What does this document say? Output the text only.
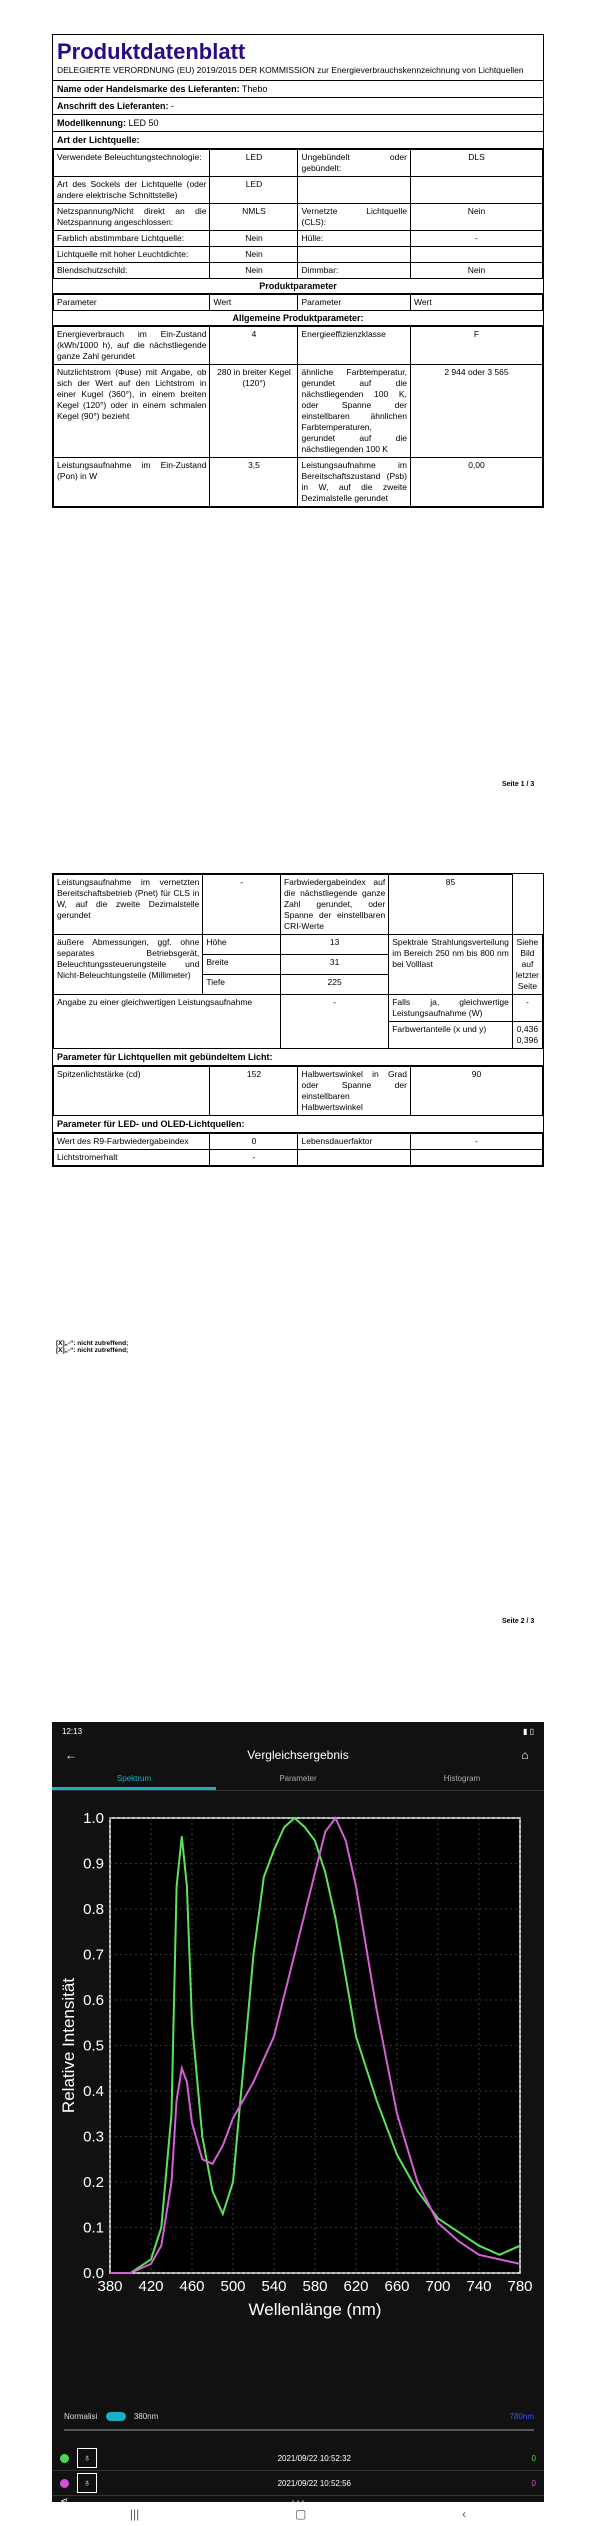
Produktdatenblatt
DELEGIERTE VERORDNUNG (EU) 2019/2015 DER KOMMISSION zur Energieverbrauchskennzeichnung von Lichtquellen
Name oder Handelsmarke des Lieferanten: Thebo
Anschrift des Lieferanten: -
Modellkennung: LED 50
Art der Lichtquelle:
Verwendete Beleuchtungstechnologie:	LED	Ungebündelt oder gebündelt:	DLS
Art des Sockels der Lichtquelle (oder andere elektrische Schnittstelle)	LED		
Netzspannung/Nicht direkt an die Netzspannung angeschlossen:	NMLS	Vernetzte Lichtquelle (CLS):	Nein
Farblich abstimmbare Lichtquelle:	Nein	Hülle:	-
Lichtquelle mit hoher Leuchtdichte:	Nein		
Blendschutzschild:	Nein	Dimmbar:	Nein
Produktparameter
Parameter	Wert	Parameter	Wert
Allgemeine Produktparameter:
Energieverbrauch im Ein-Zustand (kWh/1000 h), auf die nächstliegende ganze Zahl gerundet	4	Energieeffizienzklasse	F
Nutzlichtstrom (Φuse) mit Angabe, ob sich der Wert auf den Lichtstrom in einer Kugel (360°), in einem breiten Kegel (120°) oder in einem schmalen Kegel (90°) bezieht	280 in breiter Kegel (120°)	ähnliche Farbtemperatur, gerundet auf die nächstliegenden 100 K, oder Spanne der einstellbaren ähnlichen Farbtemperaturen, gerundet auf die nächstliegenden 100 K	2 944 oder 3 565
Leistungsaufnahme im Ein-Zustand (Pon) in W	3,5	Leistungsaufnahme im Bereitschaftszustand (Psb) in W, auf die zweite Dezimalstelle gerundet	0,00
Seite 1 / 3
Leistungsaufnahme im vernetzten Bereitschaftsbetrieb (Pnet) für CLS in W, auf die zweite Dezimalstelle gerundet	-	Farbwiedergabeindex auf die nächstliegende ganze Zahl gerundet, oder Spanne der einstellbaren CRI-Werte	85	
äußere Abmessungen, ggf. ohne separates Betriebsgerät, Beleuchtungssteuerungsteile und Nicht-Beleuchtungsteile (Millimeter)	Höhe	13	Spektrale Strahlungsverteilung im Bereich 250 nm bis 800 nm bei Volllast	Siehe Bild auf letzter Seite
	Breite	31		
	Tiefe	225		
Angabe zu einer gleichwertigen Leistungsaufnahme		-	Falls ja, gleichwertige Leistungsaufnahme (W)	-
			Farbwertanteile (x und y)	0,436
0,396
Parameter für Lichtquellen mit gebündeltem Licht:
Spitzenlichtstärke (cd)	152	Halbwertswinkel in Grad oder Spanne der einstellbaren Halbwertswinkel	90
Parameter für LED- und OLED-Lichtquellen:
Wert des R9-Farbwiedergabeindex	0	Lebensdauerfaktor	-
Lichtstromerhalt	-		
[X]„-“: nicht zutreffend;
[X]„-“: nicht zutreffend;
Seite 2 / 3
12:13	▮ ▯
←	Vergleichsergebnis	⌂
Spektrum	Parameter	Histogram
380 420 460 500 540 580 620 660 700 740 780
0.0
0.1
0.2
0.3
0.4
0.5
0.6
0.7
0.8
0.9
1.0
Wellenlänge (nm)
Relative Intensität
Normalisi	380nm	780nm
♁	2021/09/22 10:52:32	0
♁	2021/09/22 10:52:56	0
|||	▢	‹
